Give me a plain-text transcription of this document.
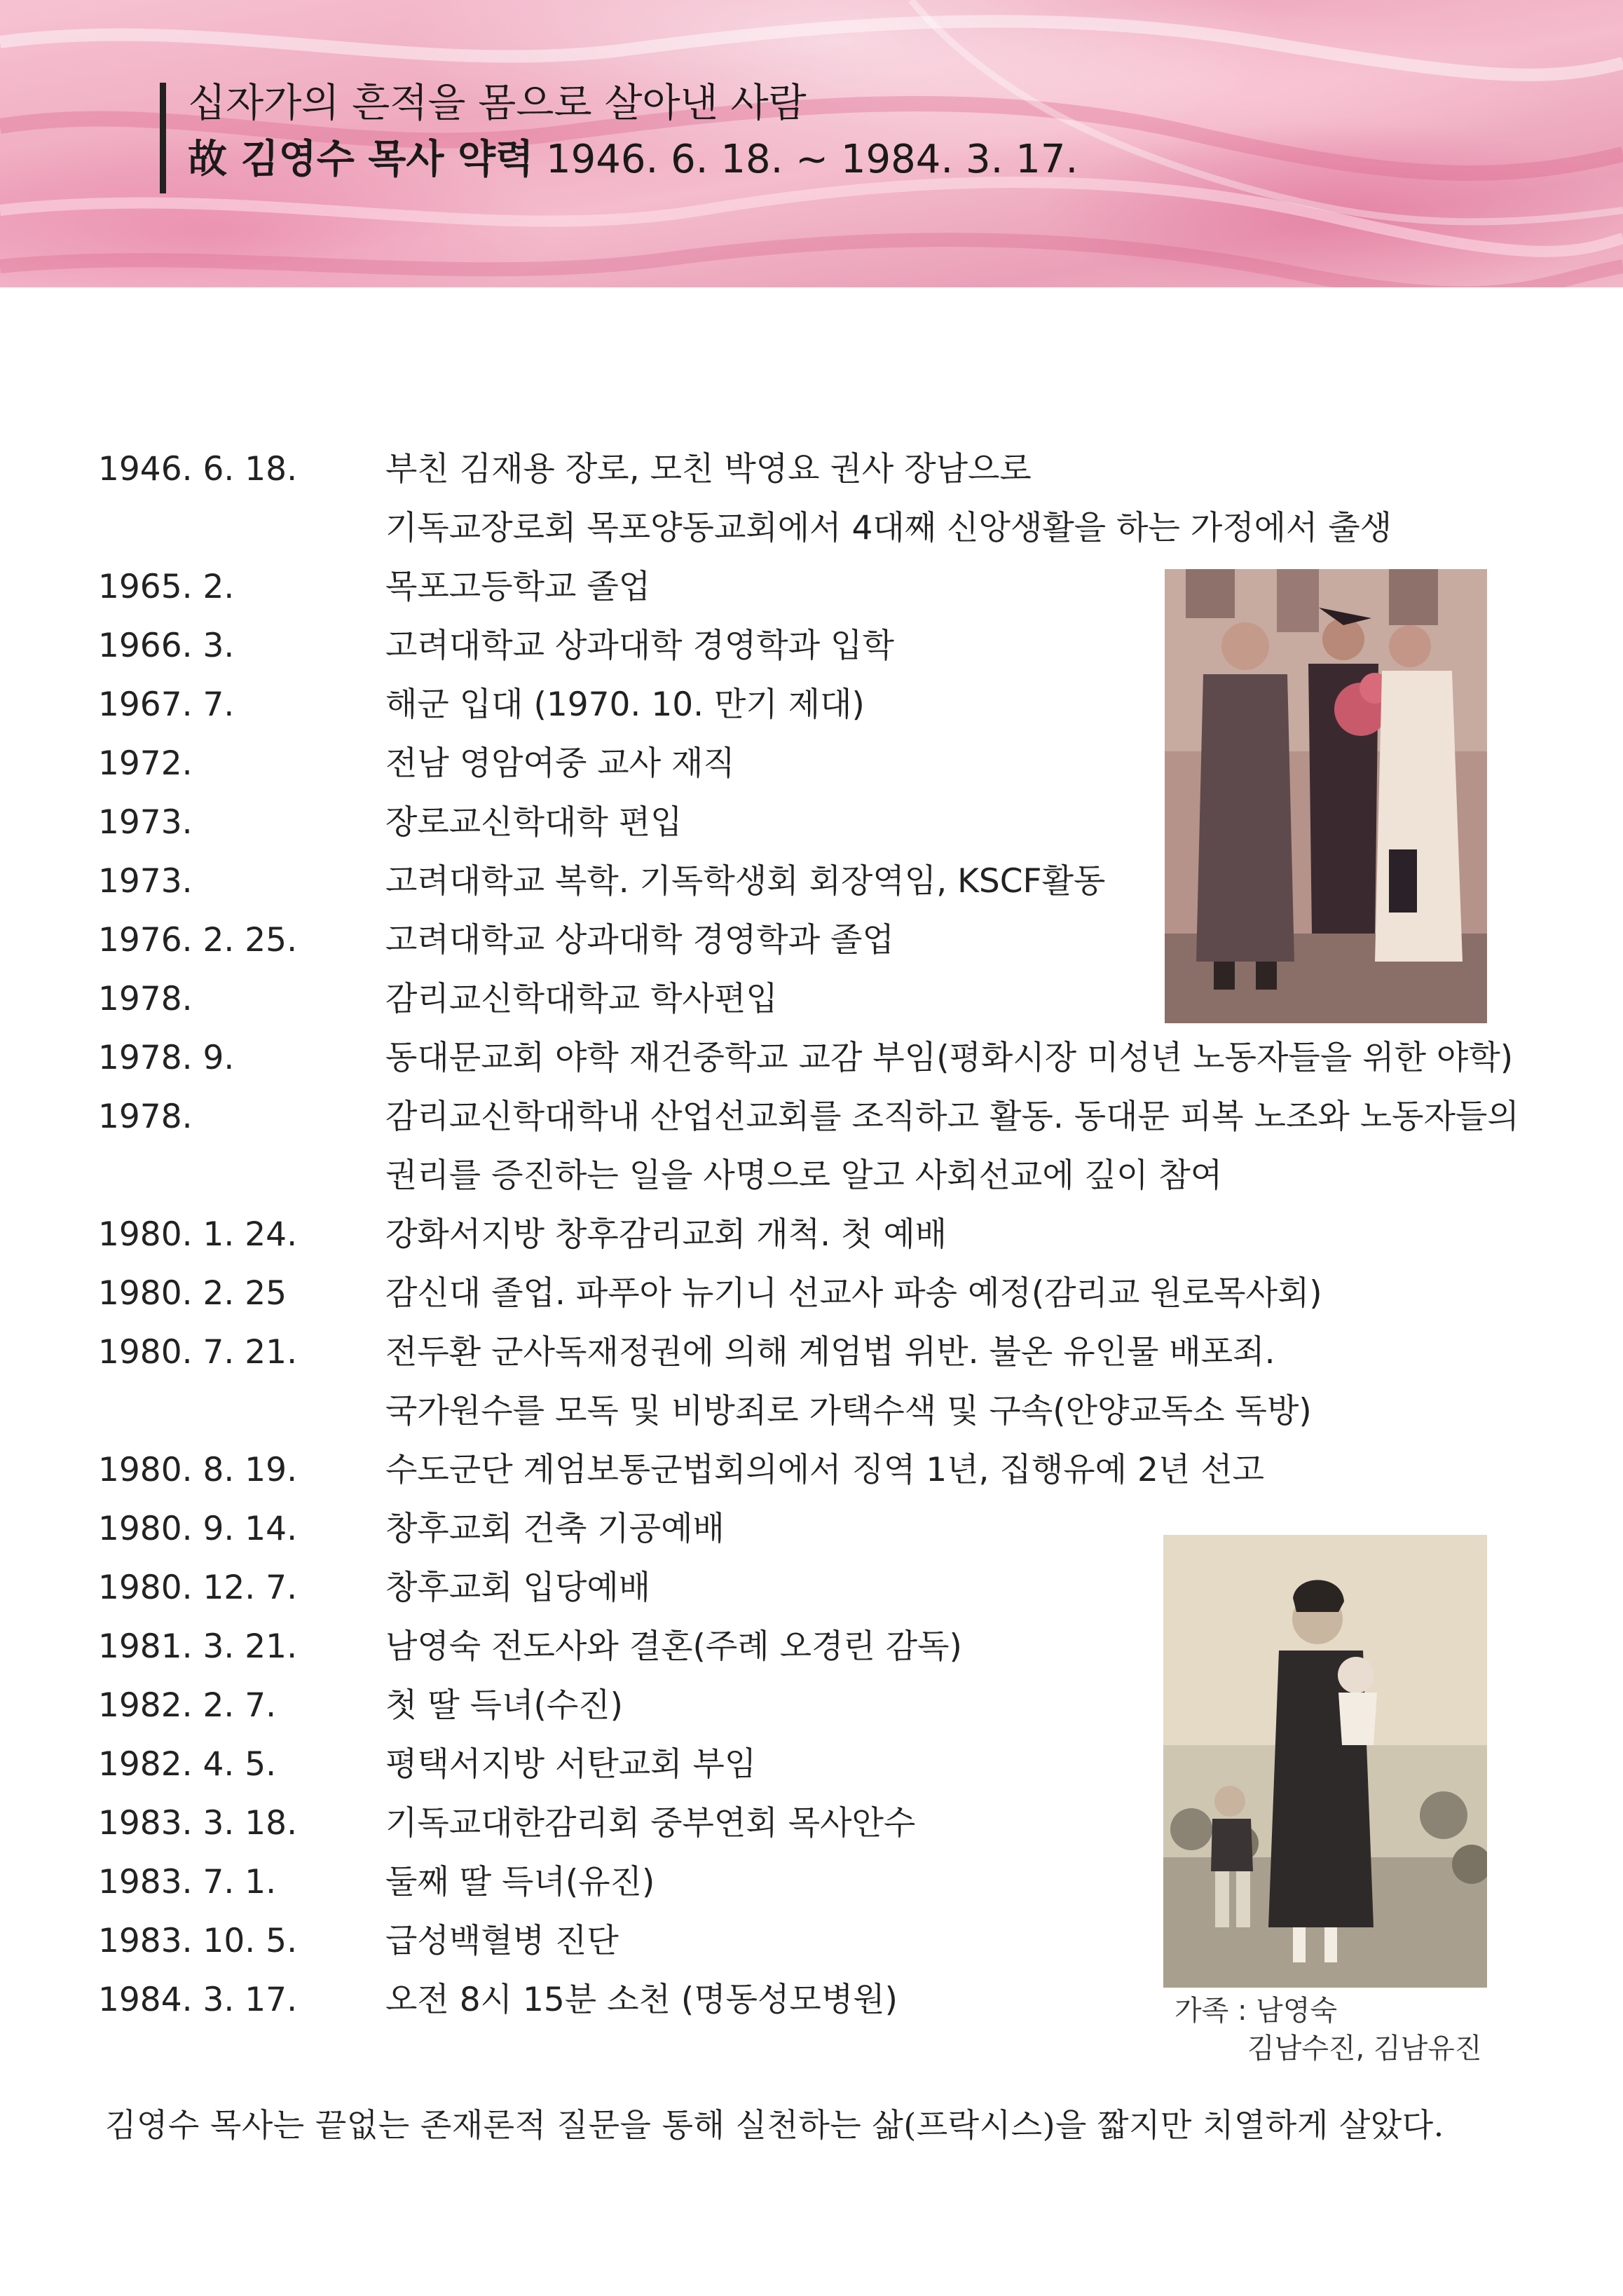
십자가의 흔적을 몸으로 살아낸 사람
故 김영수 목사 약력 1946. 6. 18. ~ 1984. 3. 17.
1946. 6. 18.	부친 김재용 장로, 모친 박영요 권사 장남으로
기독교장로회 목포양동교회에서 4대째 신앙생활을 하는 가정에서 출생
1965. 2.	목포고등학교 졸업
1966. 3.	고려대학교 상과대학 경영학과 입학
1967. 7.	해군 입대 (1970. 10. 만기 제대)
1972.	전남 영암여중 교사 재직
1973.	장로교신학대학 편입
1973.	고려대학교 복학. 기독학생회 회장역임, KSCF활동
1976. 2. 25.	고려대학교 상과대학 경영학과 졸업
1978.	감리교신학대학교 학사편입
1978. 9.	동대문교회 야학 재건중학교 교감 부임(평화시장 미성년 노동자들을 위한 야학)
1978.	감리교신학대학내 산업선교회를 조직하고 활동. 동대문 피복 노조와 노동자들의
권리를 증진하는 일을 사명으로 알고 사회선교에 깊이 참여
1980. 1. 24.	강화서지방 창후감리교회 개척. 첫 예배
1980. 2. 25	감신대 졸업. 파푸아 뉴기니 선교사 파송 예정(감리교 원로목사회)
1980. 7. 21.	전두환 군사독재정권에 의해 계엄법 위반. 불온 유인물 배포죄.
국가원수를 모독 및 비방죄로 가택수색 및 구속(안양교독소 독방)
1980. 8. 19.	수도군단 계엄보통군법회의에서 징역 1년, 집행유예 2년 선고
1980. 9. 14.	창후교회 건축 기공예배
1980. 12. 7.	창후교회 입당예배
1981. 3. 21.	남영숙 전도사와 결혼(주례 오경린 감독)
1982. 2. 7.	첫 딸 득녀(수진)
1982. 4. 5.	평택서지방 서탄교회 부임
1983. 3. 18.	기독교대한감리회 중부연회 목사안수
1983. 7. 1.	둘째 딸 득녀(유진)
1983. 10. 5.	급성백혈병 진단
1984. 3. 17.	오전 8시 15분 소천 (명동성모병원)	가족 : 남영숙
김남수진, 김남유진
김영수 목사는 끝없는 존재론적 질문을 통해 실천하는 삶(프락시스)을 짧지만 치열하게 살았다.
